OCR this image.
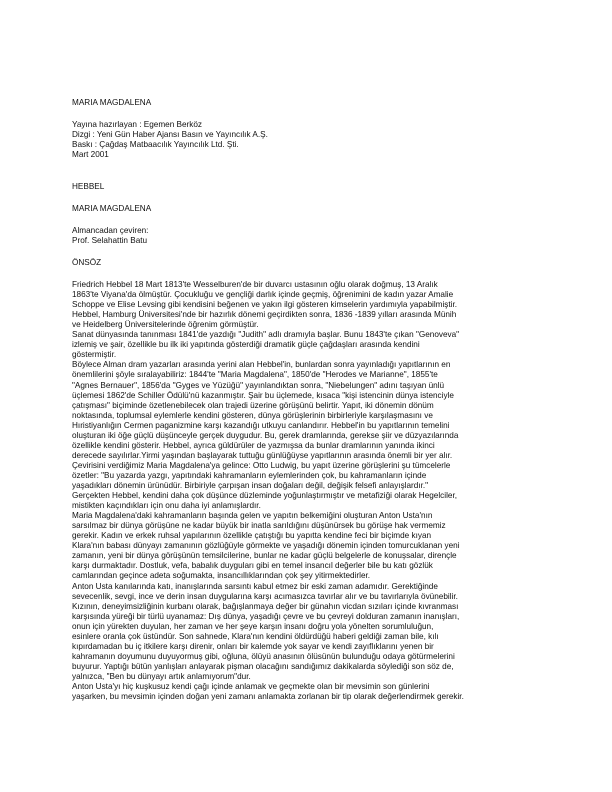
MARIA MAGDALENA
Yayına hazırlayan : Egemen Berköz
Dizgi : Yeni Gün Haber Ajansı Basın ve Yayıncılık A.Ş.
Baskı : Çağdaş Matbaacılık Yayıncılık Ltd. Şti.
Mart 2001
HEBBEL
MARIA MAGDALENA
Almancadan çeviren:
Prof. Selahattin Batu
ÖNSÖZ
Friedrich Hebbel 18 Mart 1813'te Wesselburen'de bir duvarcı ustasının oğlu olarak doğmuş, 13 Aralık
1863'te Viyana'da ölmüştür. Çocukluğu ve gençliği darlık içinde geçmiş, öğrenimini de kadın yazar Amalie
Schoppe ve Elise Levsing gibi kendisini beğenen ve yakın ilgi gösteren kimselerin yardımıyla yapabilmiştir.
Hebbel, Hamburg Üniversitesi'nde bir hazırlık dönemi geçirdikten sonra, 1836 -1839 yılları arasında Münih
ve Heidelberg Üniversitelerinde öğrenim görmüştür.
Sanat dünyasında tanınması 1841'de yazdığı "Judith" adlı dramıyla başlar. Bunu 1843'te çıkan "Genoveva"
izlemiş ve şair, özellikle bu ilk iki yapıtında gösterdiği dramatik güçle çağdaşları arasında kendini
göstermiştir.
Böylece Alman dram yazarları arasında yerini alan Hebbel'in, bunlardan sonra yayınladığı yapıtlarının en
önemlilerini şöyle sıralayabiliriz: 1844'te "Maria Magdalena", 1850'de "Herodes ve Marianne", 1855'te
"Agnes Bernauer", 1856'da "Gyges ve Yüzüğü" yayınlandıktan sonra, "Niebelungen" adını taşıyan ünlü
üçlemesi 1862'de Schiller Ödülü'nü kazanmıştır. Şair bu üçlemede, kısaca "kişi istencinin dünya istenciyle
çatışması" biçiminde özetlenebilecek olan trajedi üzerine görüşünü belirtir. Yapıt, iki dönemin dönüm
noktasında, toplumsal eylemlerle kendini gösteren, dünya görüşlerinin birbirleriyle karşılaşmasını ve
Hıristiyanlığın Cermen paganizmine karşı kazandığı utkuyu canlandırır. Hebbel'in bu yapıtlarının temelini
oluşturan iki öğe güçlü düşünceyle gerçek duygudur. Bu, gerek dramlarında, gerekse şiir ve düzyazılarında
özellikle kendini gösterir. Hebbel, ayrıca güldürüler de yazmışsa da bunlar dramlarının yanında ikinci
derecede sayılırlar.Yirmi yaşından başlayarak tuttuğu günlüğüyse yapıtlarının arasında önemli bir yer alır.
Çevirisini verdiğimiz Maria Magdalena'ya gelince: Otto Ludwig, bu yapıt üzerine görüşlerini şu tümcelerle
özetler: "Bu yazarda yazgı, yapıtındaki kahramanların eylemlerinden çok, bu kahramanların içinde
yaşadıkları dönemin ürünüdür. Birbiriyle çarpışan insan doğaları değil, değişik felsefi anlayışlardır."
Gerçekten Hebbel, kendini daha çok düşünce düzleminde yoğunlaştırmıştır ve metafiziği olarak Hegelciler,
mistikten kaçındıkları için onu daha iyi anlamışlardır.
Maria Magdalena'daki kahramanların başında gelen ve yapıtın belkemiğini oluşturan Anton Usta'nın
sarsılmaz bir dünya görüşüne ne kadar büyük bir inatla sarıldığını düşünürsek bu görüşe hak vermemiz
gerekir. Kadın ve erkek ruhsal yapılarının özellikle çatıştığı bu yapıtta kendine feci bir biçimde kıyan
Klara'nın babası dünyayı zamanının gözlüğüyle görmekte ve yaşadığı dönemin içinden tomurcuklanan yeni
zamanın, yeni bir dünya görüşünün temsilcilerine, bunlar ne kadar güçlü belgelerle de konuşsalar, dirençle
karşı durmaktadır. Dostluk, vefa, babalık duyguları gibi en temel insancıl değerler bile bu katı gözlük
camlarından geçince adeta soğumakta, insancıllıklarından çok şey yitirmektedirler.
Anton Usta kanılarında katı, inanışlarında sarsıntı kabul etmez bir eski zaman adamıdır. Gerektiğinde
sevecenlik, sevgi, ince ve derin insan duygularına karşı acımasızca tavırlar alır ve bu tavırlarıyla övünebilir.
Kızının, deneyimsizliğinin kurbanı olarak, bağışlanmaya değer bir günahın vicdan sızıları içinde kıvranması
karşısında yüreği bir türlü uyanamaz: Dış dünya, yaşadığı çevre ve bu çevreyi dolduran zamanın inanışları,
onun için yürekten duyulan, her zaman ve her şeye karşın insanı doğru yola yönelten sorumluluğun,
esinlere oranla çok üstündür. Son sahnede, Klara'nın kendini öldürdüğü haberi geldiği zaman bile, kılı
kıpırdamadan bu iç itkilere karşı direnir, onları bir kalemde yok sayar ve kendi zayıflıklarını yenen bir
kahramanın doyumunu duyuyormuş gibi, oğluna, ölüyü anasının ölüsünün bulunduğu odaya götürmelerini
buyurur. Yaptığı bütün yanlışları anlayarak pişman olacağını sandığımız dakikalarda söylediği son söz de,
yalnızca, "Ben bu dünyayı artık anlamıyorum"dur.
Anton Usta'yı hiç kuşkusuz kendi çağı içinde anlamak ve geçmekte olan bir mevsimin son günlerini
yaşarken, bu mevsimin içinden doğan yeni zamanı anlamakta zorlanan bir tip olarak değerlendirmek gerekir.
